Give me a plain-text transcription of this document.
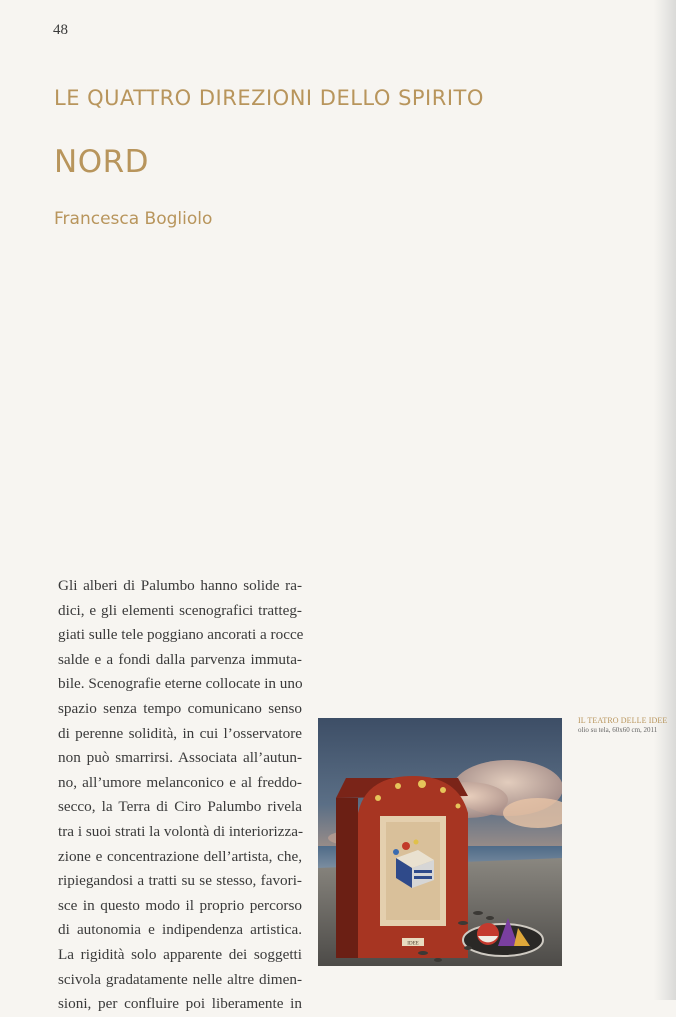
48
LE QUATTRO DIREZIONI DELLO SPIRITO
NORD
Francesca Bogliolo
Gli alberi di Palumbo hanno solide ra-
dici, e gli elementi scenografici tratteg-
giati sulle tele poggiano ancorati a rocce
salde e a fondi dalla parvenza immuta-
bile. Scenografie eterne collocate in uno
spazio senza tempo comunicano senso
di perenne solidità, in cui l’osservatore
non può smarrirsi. Associata all’autun-
no, all’umore melanconico e al freddo-
secco, la Terra di Ciro Palumbo rivela
tra i suoi strati la volontà di interiorizza-
zione e concentrazione dell’artista, che,
ripiegandosi a tratti su se stesso, favori-
sce in questo modo il proprio percorso
di autonomia e indipendenza artistica.
La rigidità solo apparente dei soggetti
scivola gradatamente nelle altre dimen-
sioni, per confluire poi liberamente in
IDEE
IL TEATRO DELLE IDEE
olio su tela, 60x60 cm, 2011
